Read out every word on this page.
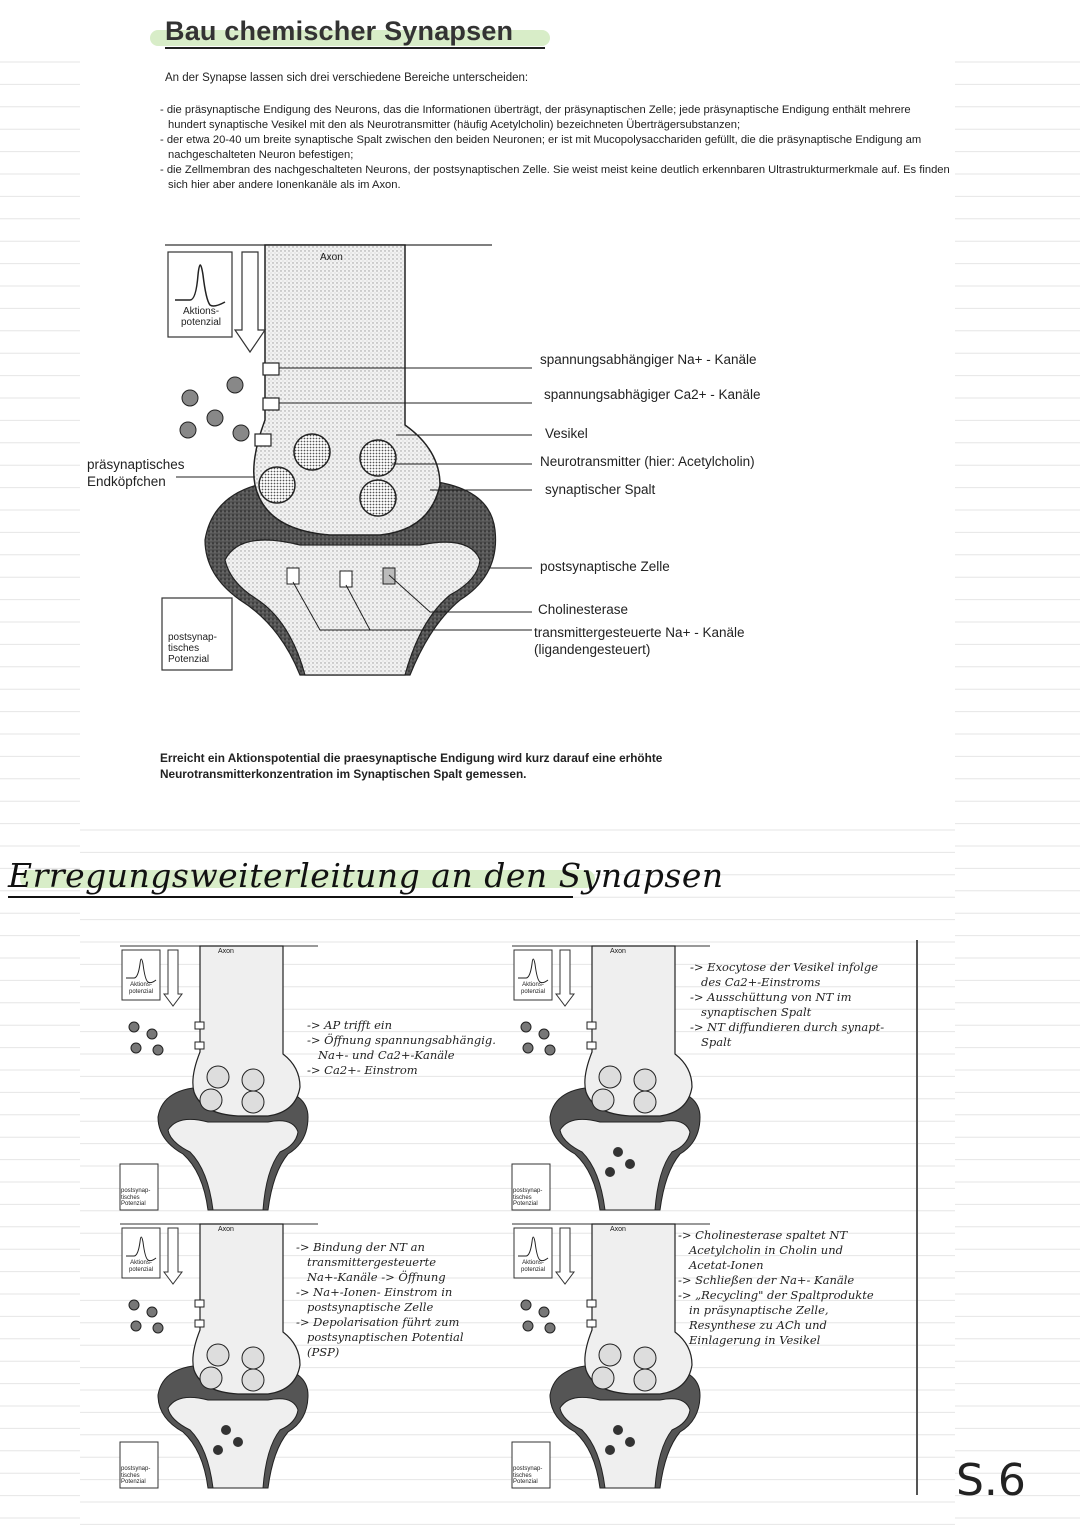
Bau chemischer Synapsen
An der Synapse lassen sich drei verschiedene Bereiche unterscheiden:
- die präsynaptische Endigung des Neurons, das die Informationen überträgt, der präsynaptischen Zelle; jede präsynaptische Endigung enthält mehrere hundert synaptische Vesikel mit den als Neurotransmitter (häufig Acetylcholin) bezeichneten Überträgersubstanzen;
- der etwa 20-40 um breite synaptische Spalt zwischen den beiden Neuronen; er ist mit Mucopolysacchariden gefüllt, die die präsynaptische Endigung am nachgeschalteten Neuron befestigen;
- die Zellmembran des nachgeschalteten Neurons, der postsynaptischen Zelle. Sie weist meist keine deutlich erkennbaren Ultrastrukturmerkmale auf. Es finden sich hier aber andere Ionenkanäle als im Axon.
Axon
Aktions-
potenzial
postsynap-
tisches
Potenzial
präsynaptisches
Endköpfchen
spannungsabhängiger Na+ - Kanäle
spannungsabhägiger Ca2+ - Kanäle
Vesikel
Neurotransmitter (hier: Acetylcholin)
synaptischer Spalt
postsynaptische Zelle
Cholinesterase
transmittergesteuerte Na+ - Kanäle
(ligandengesteuert)
Erreicht ein Aktionspotential die praesynaptische Endigung wird kurz darauf eine erhöhte Neurotransmitterkonzentration im Synaptischen Spalt gemessen.
Erregungsweiterleitung an den Synapsen
Axon
Aktions-
potenzial
postsynap-
tisches
Potenzial
Axon
Aktions-
potenzial
postsynap-
tisches
Potenzial
Axon
Aktions-
potenzial
postsynap-
tisches
Potenzial
Axon
Aktions-
potenzial
postsynap-
tisches
Potenzial
-> AP trifft ein
-> Öffnung spannungsabhängig.
Na+- und Ca2+-Kanäle
-> Ca2+- Einstrom
-> Exocytose der Vesikel infolge
des Ca2+-Einstroms
-> Ausschüttung von NT im
synaptischen Spalt
-> NT diffundieren durch synapt-
Spalt
-> Bindung der NT an
transmittergesteuerte
Na+-Kanäle -> Öffnung
-> Na+-Ionen- Einstrom in
postsynaptische Zelle
-> Depolarisation führt zum
postsynaptischen Potential
(PSP)
-> Cholinesterase spaltet NT
Acetylcholin in Cholin und
Acetat-Ionen
-> Schließen der Na+- Kanäle
-> „Recycling" der Spaltprodukte
in präsynaptische Zelle,
Resynthese zu ACh und
Einlagerung in Vesikel
S.6
